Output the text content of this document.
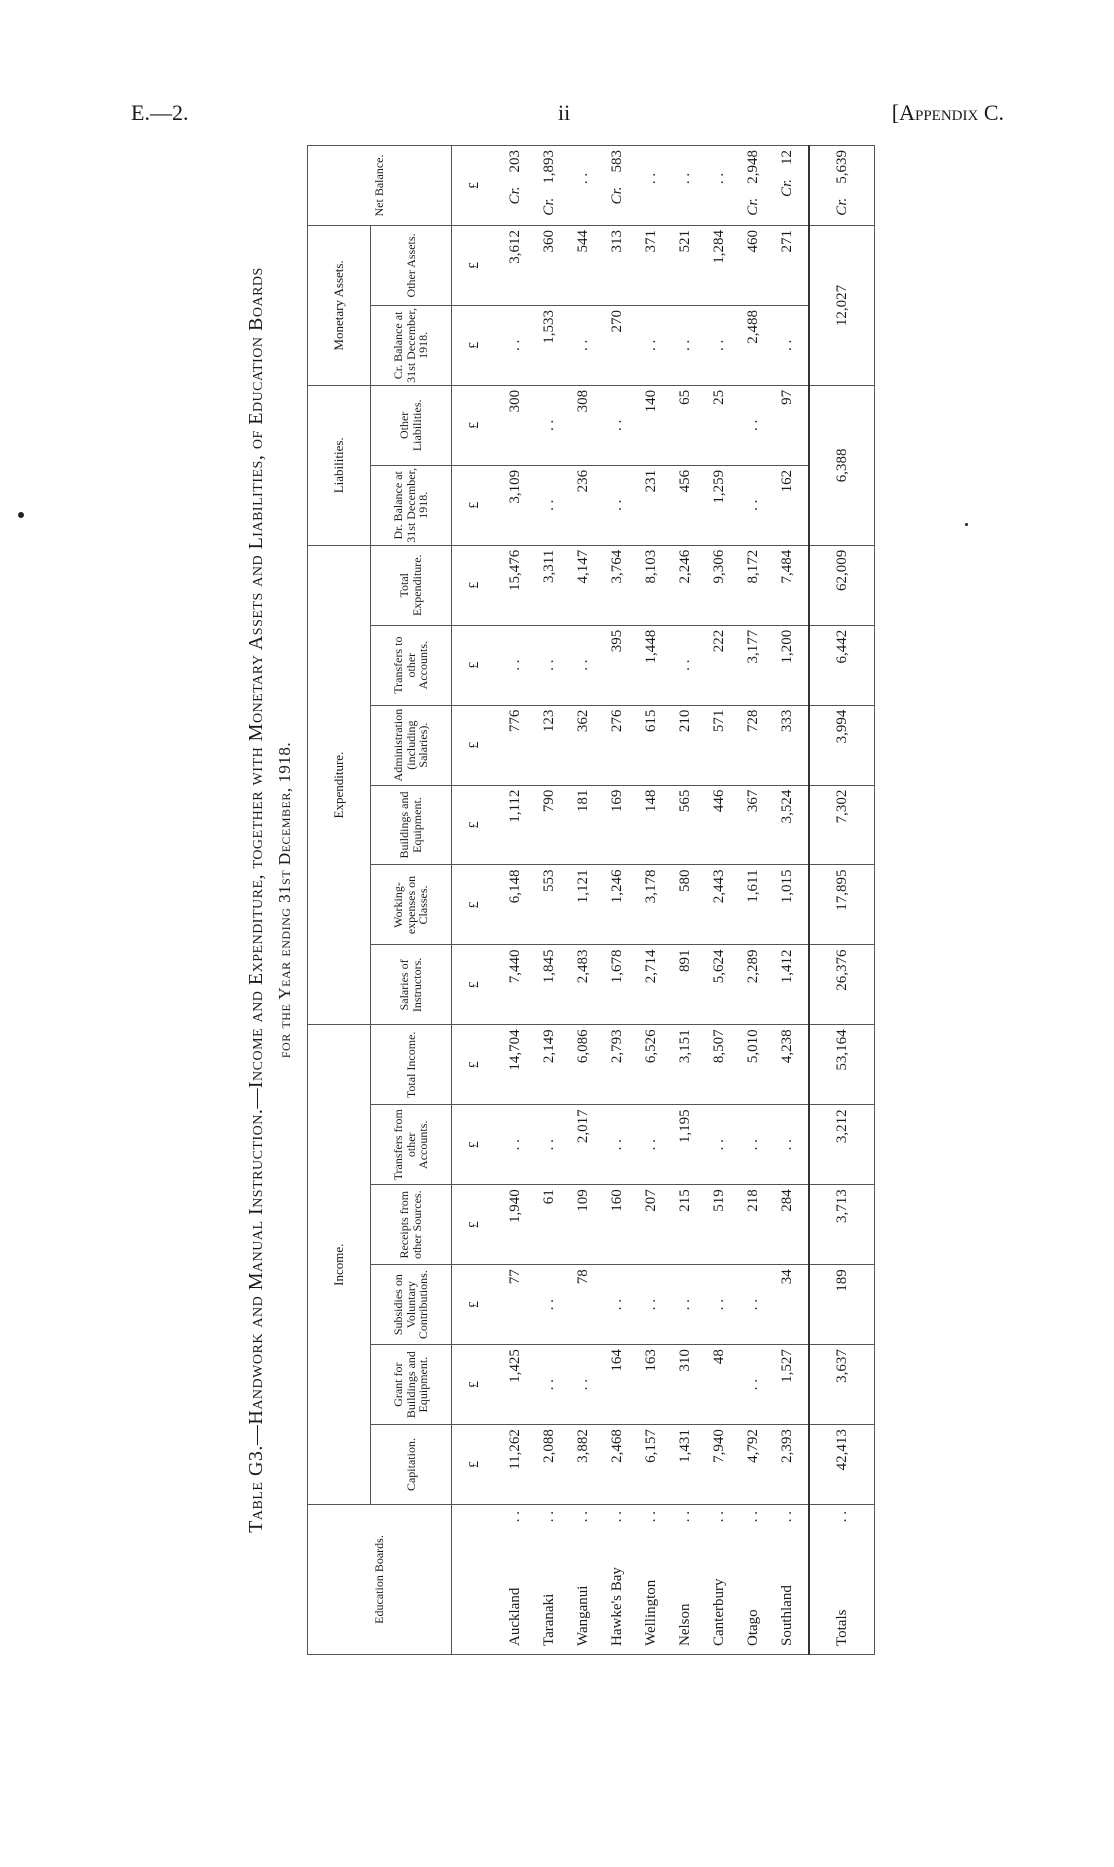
E.—2.	ii	[Appendix C.
Table G3.—Handwork and Manual Instruction.—Income and Expenditure, together with Monetary Assets and Liabilities, of Education Boards for the Year ending 31st December, 1918.
Education Boards.	Income.						Expenditure.						Liabilities.		Monetary Assets.		Net Balance.
	Capitation.	Grant for Buildings and Equipment.	Subsidies on Voluntary Contributions.	Receipts from other Sources.	Transfers from other Accounts.	Total Income.	Salaries of Instructors.	Working-expenses on Classes.	Buildings and Equipment.	Administration (including Salaries).	Transfers to other Accounts.	Total Expenditure.	Dr. Balance at 31st December, 1918.	Other Liabilities.	Cr. Balance at 31st December, 1918.	Other Assets.	
	£	£	£	£	£	£	£	£	£	£	£	£	£	£	£	£	£
Auckland
. .	11,262	1,425	77	1,940	. .	14,704	7,440	6,148	1,112	776	. .	15,476	3,109	300	. .	3,612	Cr.203
Taranaki
. .	2,088	. .	. .	61	. .	2,149	1,845	553	790	123	. .	3,311	. .	. .	1,533	360	Cr.1,893
Wanganui
. .	3,882	. .	78	109	2,017	6,086	2,483	1,121	181	362	. .	4,147	236	308	. .	544	. .
Hawke's Bay
. .	2,468	164	. .	160	. .	2,793	1,678	1,246	169	276	395	3,764	. .	. .	270	313	Cr.583
Wellington
. .	6,157	163	. .	207	. .	6,526	2,714	3,178	148	615	1,448	8,103	231	140	. .	371	. .
Nelson
. .	1,431	310	. .	215	1,195	3,151	891	580	565	210	. .	2,246	456	65	. .	521	. .
Canterbury
. .	7,940	48	. .	519	. .	8,507	5,624	2,443	446	571	222	9,306	1,259	25	. .	1,284	. .
Otago
. .	4,792	. .	. .	218	. .	5,010	2,289	1,611	367	728	3,177	8,172	. .	. .	2,488	460	Cr.2,948
Southland
. .	2,393	1,527	34	284	. .	4,238	1,412	1,015	3,524	333	1,200	7,484	162	97	. .	271	Cr.12
Totals
. .	42,413	3,637	189	3,713	3,212	53,164	26,376	17,895	7,302	3,994	6,442	62,009	6,388		12,027		Cr.5,639
